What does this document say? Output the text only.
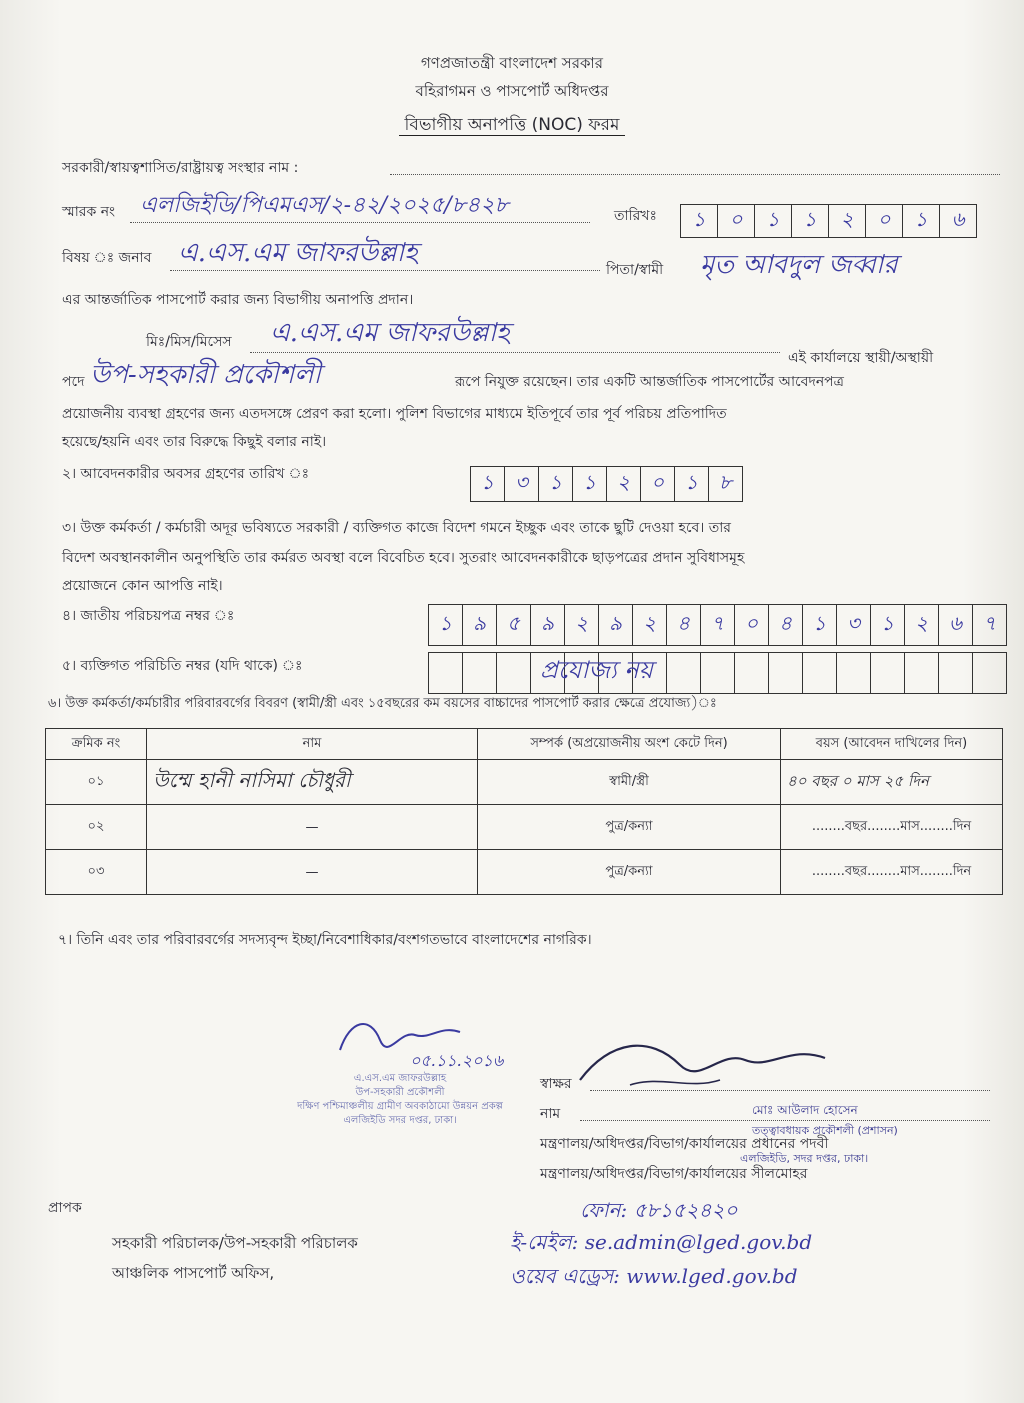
গণপ্রজাতন্ত্রী বাংলাদেশ সরকার
বহিরাগমন ও পাসপোর্ট অধিদপ্তর
বিভাগীয় অনাপত্তি (NOC) ফরম
সরকারী/স্বায়ত্বশাসিত/রাষ্ট্রায়ত্ব সংস্থার নাম :
স্মারক নং এলজিইডি/পিএমএস/২-৪২/২০২৫/৮৪২৮	তারিখঃ	১	০	১	১	২	০	১	৬
বিষয় ঃ জনাব এ.এস.এম জাফরউল্লাহ
পিতা/স্বামী মৃত আবদুল জব্বার
এর আন্তর্জাতিক পাসপোর্ট করার জন্য বিভাগীয় অনাপত্তি প্রদান।
মিঃ/মিস/মিসেস এ.এস.এম জাফরউল্লাহ
এই কার্যালয়ে স্থায়ী/অস্থায়ী
পদে উপ-সহকারী প্রকৌশলী	রূপে নিযুক্ত রয়েছেন। তার একটি আন্তর্জাতিক পাসপোর্টের আবেদনপত্র
প্রয়োজনীয় ব্যবস্থা গ্রহণের জন্য এতদসঙ্গে প্রেরণ করা হলো। পুলিশ বিভাগের মাধ্যমে ইতিপূর্বে তার পূর্ব পরিচয় প্রতিপাদিত
হয়েছে/হয়নি এবং তার বিরুদ্ধে কিছুই বলার নাই।
২। আবেদনকারীর অবসর গ্রহণের তারিখ ঃ	১	৩	১	১	২	০	১	৮
৩। উক্ত কর্মকর্তা / কর্মচারী অদূর ভবিষ্যতে সরকারী / ব্যক্তিগত কাজে বিদেশ গমনে ইচ্ছুক এবং তাকে ছুটি দেওয়া হবে। তার
বিদেশ অবস্থানকালীন অনুপস্থিতি তার কর্মরত অবস্থা বলে বিবেচিত হবে। সুতরাং আবেদনকারীকে ছাড়পত্রের প্রদান সুবিধাসমূহ
প্রয়োজনে কোন আপত্তি নাই।
৪। জাতীয় পরিচয়পত্র নম্বর ঃ	১	৯	৫	৯	২	৯	২	৪	৭	০	৪	১	৩	১	২	৬	৭
৫। ব্যক্তিগত পরিচিতি নম্বর (যদি থাকে) ঃ	প্রযোজ্য নয়
৬। উক্ত কর্মকর্তা/কর্মচারীর পরিবারবর্গের বিবরণ (স্বামী/স্ত্রী এবং ১৫বছরের কম বয়সের বাচ্চাদের পাসপোর্ট করার ক্ষেত্রে প্রযোজ্য)ঃ
ক্রমিক নং	নাম	সম্পর্ক (অপ্রয়োজনীয় অংশ কেটে দিন)	বয়স (আবেদন দাখিলের দিন)
০১	উম্মে হানী নাসিমা চৌধুরী	স্বামী/স্ত্রী	৪০ বছর ০ মাস ২৫ দিন
০২	—	পুত্র/কন্যা	........বছর........মাস........দিন
০৩	—	পুত্র/কন্যা	........বছর........মাস........দিন
৭। তিনি এবং তার পরিবারবর্গের সদস্যবৃন্দ ইচ্ছা/নিবেশাধিকার/বংশগতভাবে বাংলাদেশের নাগরিক।
০৫.১১.২০১৬
এ.এস.এম জাফরউল্লাহ
উপ-সহকারী প্রকৌশলী
দক্ষিণ পশ্চিমাঞ্চলীয় গ্রামীণ অবকাঠামো উন্নয়ন প্রকল্প
এলজিইডি সদর দপ্তর, ঢাকা।
স্বাক্ষর
নাম	মোঃ আউলাদ হোসেন
মন্ত্রণালয়/অধিদপ্তর/বিভাগ/কার্যালয়ের প্রধানের পদবী
তত্ত্বাবধায়ক প্রকৌশলী (প্রশাসন)
মন্ত্রণালয়/অধিদপ্তর/বিভাগ/কার্যালয়ের সীলমোহর
এলজিইডি, সদর দপ্তর, ঢাকা।
ফোন: ৫৮১৫২৪২০
ই-মেইল: se.admin@lged.gov.bd
ওয়েব এড্রেস: www.lged.gov.bd
প্রাপক
সহকারী পরিচালক/উপ-সহকারী পরিচালক
আঞ্চলিক পাসপোর্ট অফিস,
